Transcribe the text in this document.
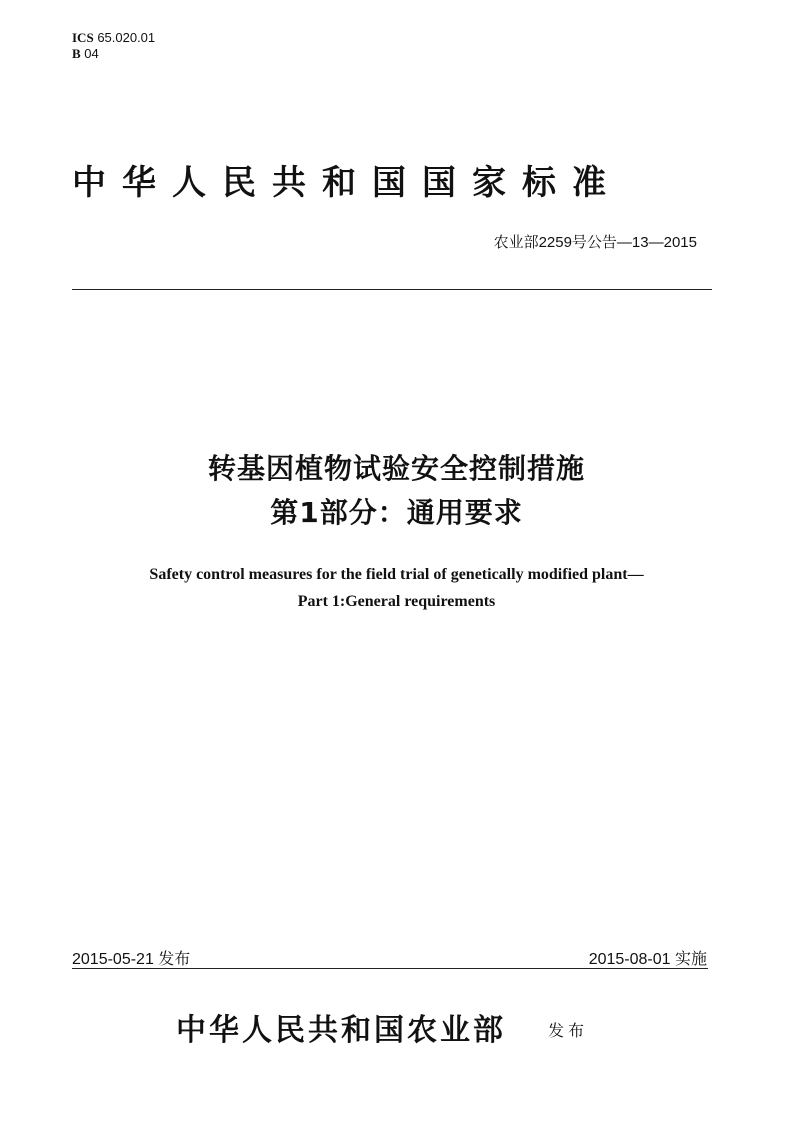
ICS 65.020.01
B 04
中华人民共和国国家标准
农业部2259号公告—13—2015
转基因植物试验安全控制措施
第1部分：通用要求
Safety control measures for the field trial of genetically modified plant—
Part 1:General requirements
2015-05-21 发布	2015-08-01 实施
中华人民共和国农业部	发布
